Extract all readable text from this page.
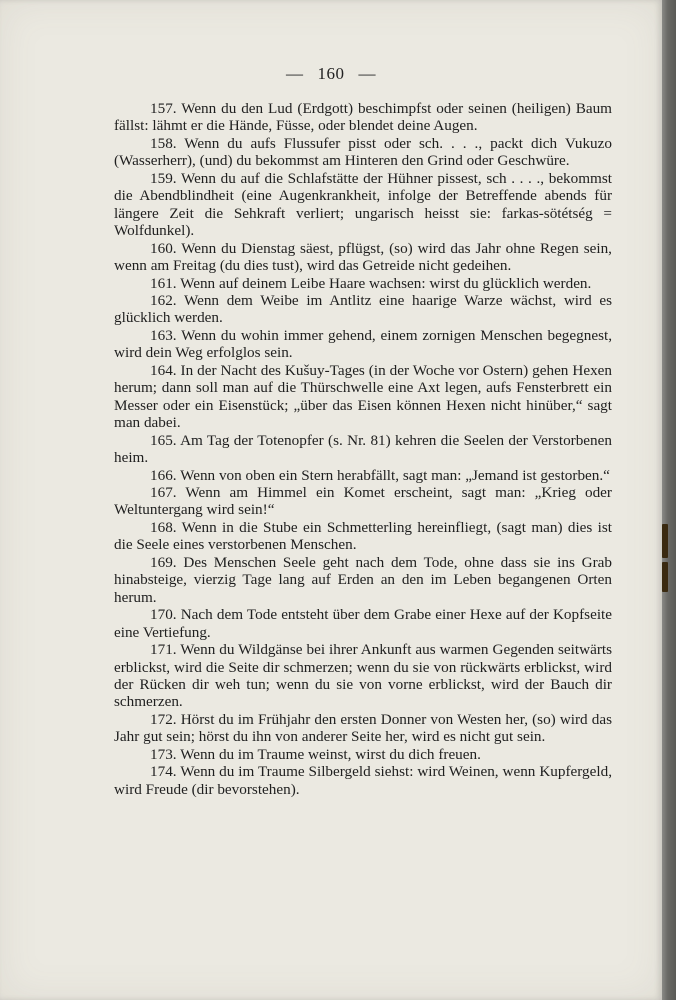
— 160 —

157. Wenn du den Lud (Erdgott) beschimpfst oder seinen (heiligen) Baum fällst: lähmt er die Hände, Füsse, oder blendet deine Augen.

158. Wenn du aufs Flussufer pisst oder sch. . . ., packt dich Vukuzo (Wasserherr), (und) du bekommst am Hinteren den Grind oder Geschwüre.

159. Wenn du auf die Schlafstätte der Hühner pissest, sch . . . ., bekommst die Abendblindheit (eine Augenkrankheit, infolge der Betreffende abends für längere Zeit die Sehkraft verliert; ungarisch heisst sie: farkas-sötétség = Wolfdunkel).

160. Wenn du Dienstag säest, pflügst, (so) wird das Jahr ohne Regen sein, wenn am Freitag (du dies tust), wird das Getreide nicht gedeihen.

161. Wenn auf deinem Leibe Haare wachsen: wirst du glücklich werden.

162. Wenn dem Weibe im Antlitz eine haarige Warze wächst, wird es glücklich werden.

163. Wenn du wohin immer gehend, einem zornigen Menschen begegnest, wird dein Weg erfolglos sein.

164. In der Nacht des Kušuy-Tages (in der Woche vor Ostern) gehen Hexen herum; dann soll man auf die Thürschwelle eine Axt legen, aufs Fensterbrett ein Messer oder ein Eisenstück; „über das Eisen können Hexen nicht hinüber,“ sagt man dabei.

165. Am Tag der Totenopfer (s. Nr. 81) kehren die Seelen der Verstorbenen heim.

166. Wenn von oben ein Stern herabfällt, sagt man: „Jemand ist gestorben.“

167. Wenn am Himmel ein Komet erscheint, sagt man: „Krieg oder Weltuntergang wird sein!“

168. Wenn in die Stube ein Schmetterling hereinfliegt, (sagt man) dies ist die Seele eines verstorbenen Menschen.

169. Des Menschen Seele geht nach dem Tode, ohne dass sie ins Grab hinabsteige, vierzig Tage lang auf Erden an den im Leben begangenen Orten herum.

170. Nach dem Tode entsteht über dem Grabe einer Hexe auf der Kopfseite eine Vertiefung.

171. Wenn du Wildgänse bei ihrer Ankunft aus warmen Gegenden seitwärts erblickst, wird die Seite dir schmerzen; wenn du sie von rückwärts erblickst, wird der Rücken dir weh tun; wenn du sie von vorne erblickst, wird der Bauch dir schmerzen.

172. Hörst du im Frühjahr den ersten Donner von Westen her, (so) wird das Jahr gut sein; hörst du ihn von anderer Seite her, wird es nicht gut sein.

173. Wenn du im Traume weinst, wirst du dich freuen.

174. Wenn du im Traume Silbergeld siehst: wird Weinen, wenn Kupfergeld, wird Freude (dir bevorstehen).
